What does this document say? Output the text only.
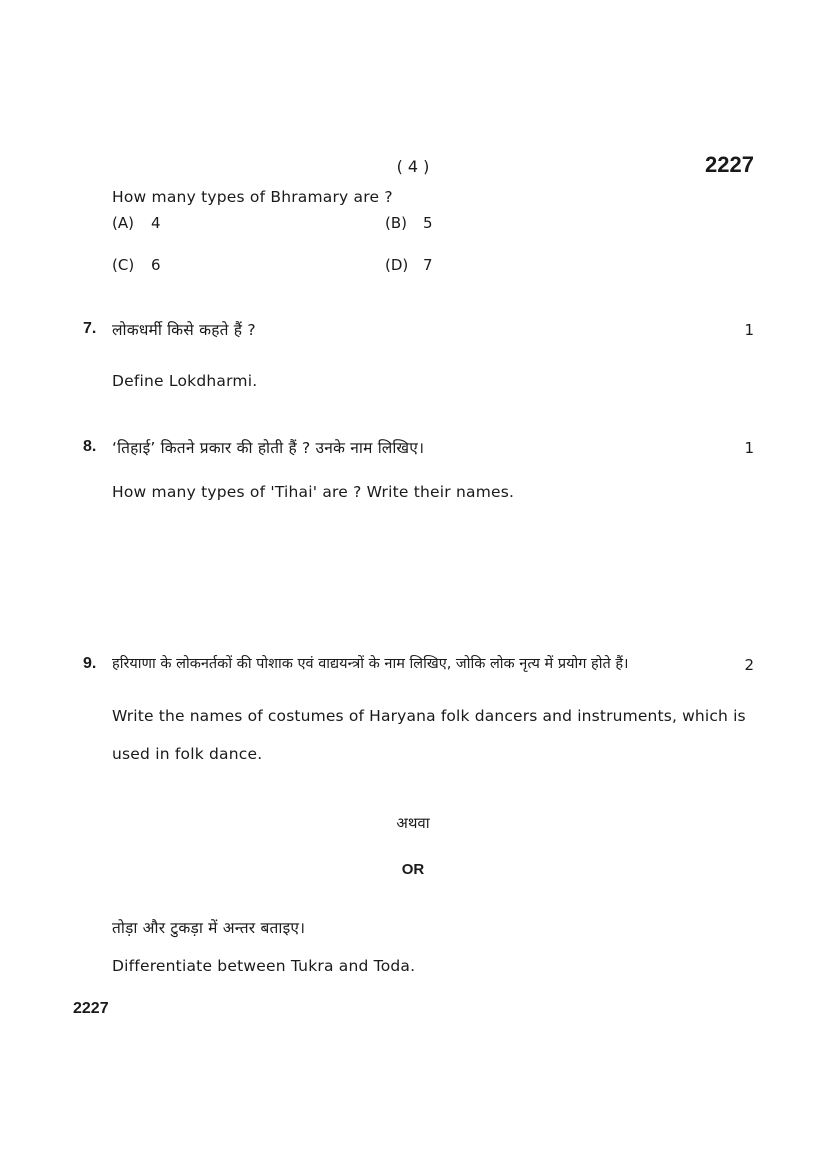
( 4 )	2227
How many types of Bhramary are ?
(A) 4	(B) 5
(C) 6	(D) 7
7. लोकधर्मी किसे कहते हैं ?	1
Define Lokdharmi.
8. ‘तिहाई’ कितने प्रकार की होती हैं ? उनके नाम लिखिए।	1
How many types of 'Tihai' are ? Write their names.
9. हरियाणा के लोकनर्तकों की पोशाक एवं वाद्ययन्त्रों के नाम लिखिए, जोकि लोक नृत्य में प्रयोग होते हैं।	2
Write the names of costumes of Haryana folk dancers and instruments, which is
used in folk dance.
अथवा
OR
तोड़ा और टुकड़ा में अन्तर बताइए।
Differentiate between Tukra and Toda.
2227
